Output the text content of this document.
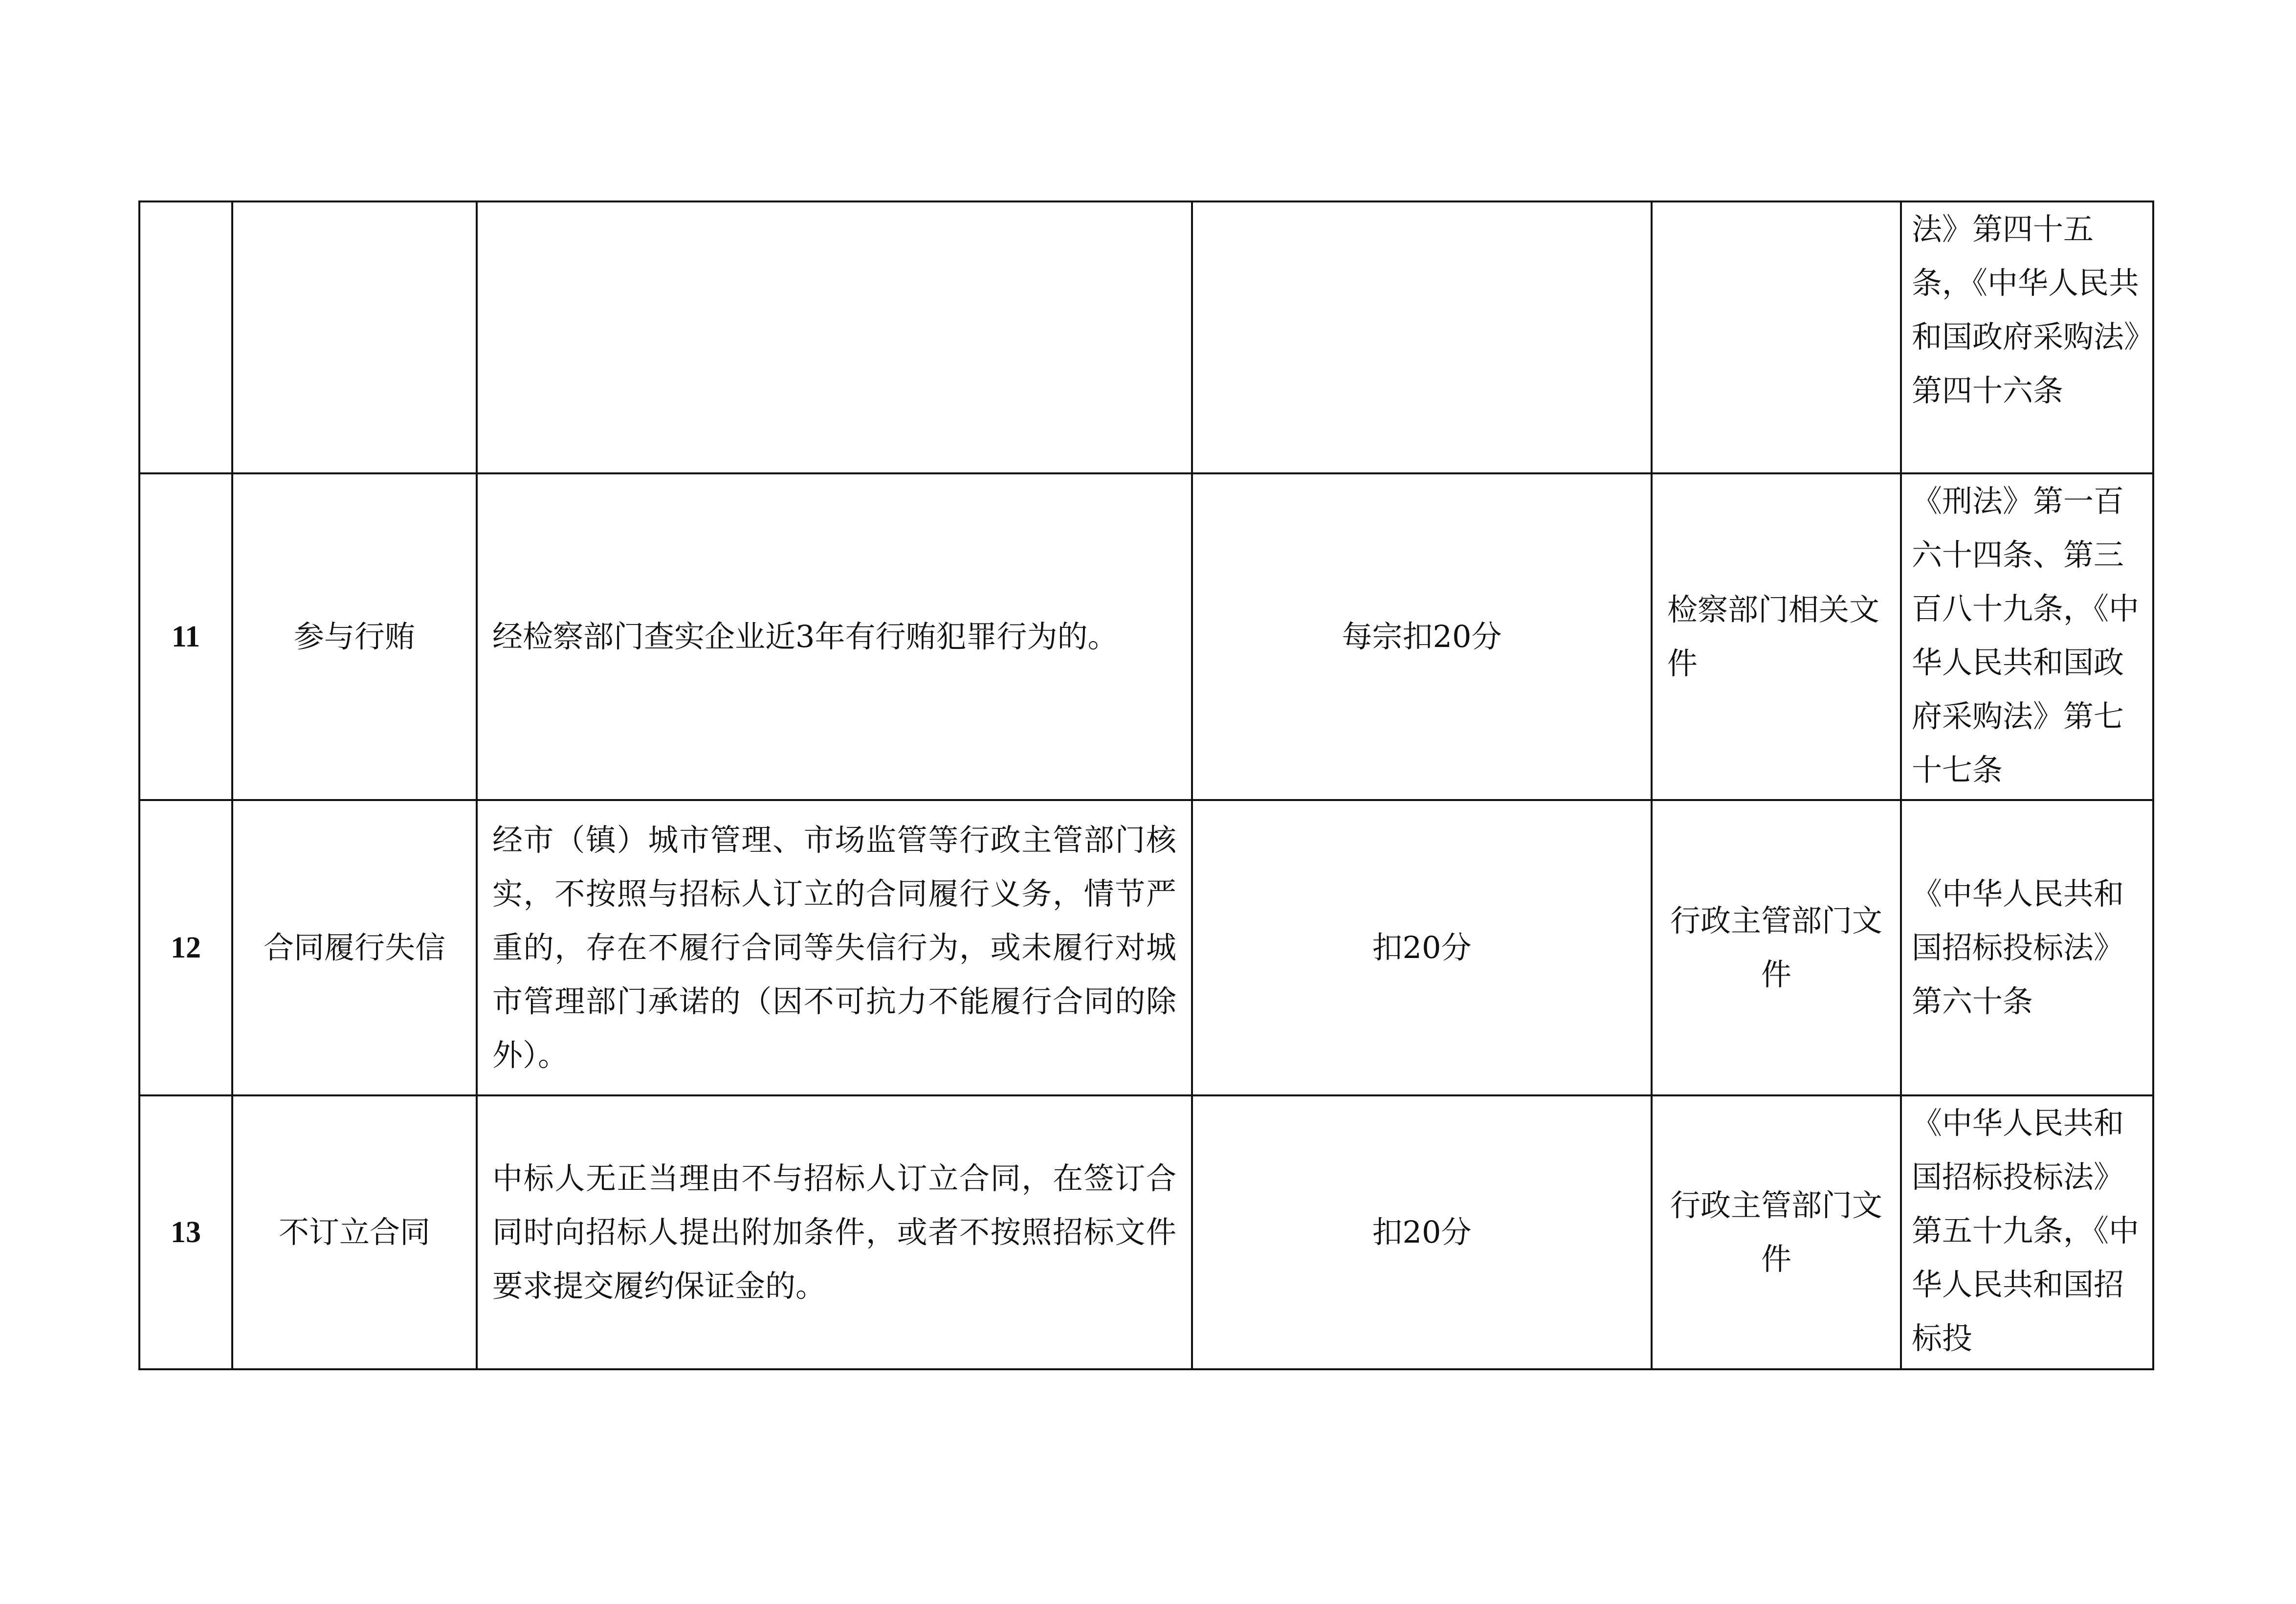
					法》第四十五条，《中华人民共和国政府采购法》第四十六条
11	参与行贿	经检察部门查实企业近3年有行贿犯罪行为的。	每宗扣20分	检察部门相关文件	《刑法》第一百六十四条、第三百八十九条，《中华人民共和国政府采购法》第七十七条
12	合同履行失信	经市（镇）城市管理、市场监管等行政主管部门核实，不按照与招标人订立的合同履行义务，情节严重的，存在不履行合同等失信行为，或未履行对城市管理部门承诺的（因不可抗力不能履行合同的除外）。	扣20分	行政主管部门文件	《中华人民共和国招标投标法》第六十条
13	不订立合同	中标人无正当理由不与招标人订立合同，在签订合同时向招标人提出附加条件，或者不按照招标文件要求提交履约保证金的。	扣20分	行政主管部门文件	《中华人民共和国招标投标法》第五十九条，《中华人民共和国招标投
